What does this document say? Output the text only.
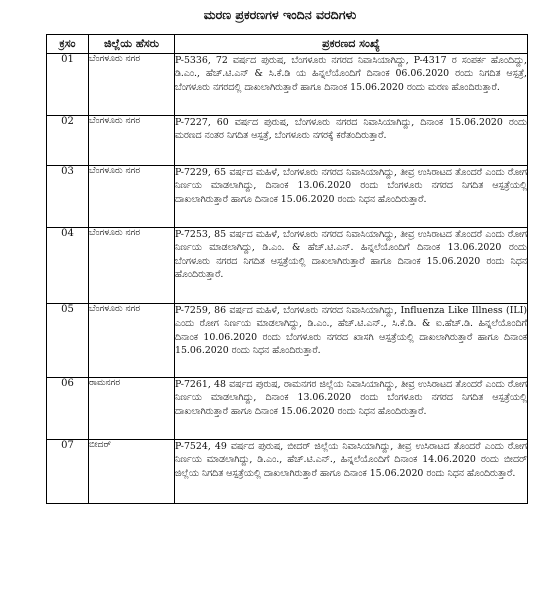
ಮರಣ ಪ್ರಕರಣಗಳ ಇಂದಿನ ವರದಿಗಳು
ಕ್ರಸಂ	ಜಿಲ್ಲೆಯ ಹೆಸರು	ಪ್ರಕರಣದ ಸಂಖ್ಯೆ
01	ಬೆಂಗಳೂರು ನಗರ	P-5336, 72 ವರ್ಷದ ಪುರುಷ, ಬೆಂಗಳೂರು ನಗರದ ನಿವಾಸಿಯಾಗಿದ್ದು, P-4317 ರ ಸಂಪರ್ಕ ಹೊಂದಿದ್ದು, ಡಿ.ಎಂ., ಹೆಚ್.ಟಿ.ಎನ್ & ಸಿ.ಕೆ.ಡಿ ಯ ಹಿನ್ನಲೆಯೊಂದಿಗೆ ದಿನಾಂಕ 06.06.2020 ರಂದು ನಿಗದಿತ ಆಸ್ಪತ್ರೆ, ಬೆಂಗಳೂರು ನಗರದಲ್ಲಿ ದಾಖಲಾಗಿರುತ್ತಾರೆ ಹಾಗೂ ದಿನಾಂಕ 15.06.2020 ರಂದು ಮರಣ ಹೊಂದಿರುತ್ತಾರೆ.
02	ಬೆಂಗಳೂರು ನಗರ	P-7227, 60 ವರ್ಷದ ಪುರುಷ, ಬೆಂಗಳೂರು ನಗರದ ನಿವಾಸಿಯಾಗಿದ್ದು, ದಿನಾಂಕ 15.06.2020 ರಂದು ಮರಣದ ನಂತರ ನಿಗದಿತ ಆಸ್ಪತ್ರೆ, ಬೆಂಗಳೂರು ನಗರಕ್ಕೆ ಕರೆತಂದಿರುತ್ತಾರೆ.
03	ಬೆಂಗಳೂರು ನಗರ	P-7229, 65 ವರ್ಷದ ಮಹಿಳೆ, ಬೆಂಗಳೂರು ನಗರದ ನಿವಾಸಿಯಾಗಿದ್ದು, ತೀವ್ರ ಉಸಿರಾಟದ ತೊಂದರೆ ಎಂದು ರೋಗ ನಿರ್ಣಯ ಮಾಡಲಾಗಿದ್ದು, ದಿನಾಂಕ 13.06.2020 ರಂದು ಬೆಂಗಳೂರು ನಗರದ ನಿಗದಿತ ಆಸ್ಪತ್ರೆಯಲ್ಲಿ ದಾಖಲಾಗಿರುತ್ತಾರೆ ಹಾಗೂ ದಿನಾಂಕ 15.06.2020 ರಂದು ನಿಧನ ಹೊಂದಿರುತ್ತಾರೆ.
04	ಬೆಂಗಳೂರು ನಗರ	P-7253, 85 ವರ್ಷದ ಮಹಿಳೆ, ಬೆಂಗಳೂರು ನಗರದ ನಿವಾಸಿಯಾಗಿದ್ದು, ತೀವ್ರ ಉಸಿರಾಟದ ತೊಂದರೆ ಎಂದು ರೋಗ ನಿರ್ಣಯ ಮಾಡಲಾಗಿದ್ದು, ಡಿ.ಎಂ. & ಹೆಚ್.ಟಿ.ಎನ್. ಹಿನ್ನಲೆಯೊಂದಿಗೆ ದಿನಾಂಕ 13.06.2020 ರಂದು ಬೆಂಗಳೂರು ನಗರದ ನಿಗದಿತ ಆಸ್ಪತ್ರೆಯಲ್ಲಿ ದಾಖಲಾಗಿರುತ್ತಾರೆ ಹಾಗೂ ದಿನಾಂಕ 15.06.2020 ರಂದು ನಿಧನ ಹೊಂದಿರುತ್ತಾರೆ.
05	ಬೆಂಗಳೂರು ನಗರ	P-7259, 86 ವರ್ಷದ ಮಹಿಳೆ, ಬೆಂಗಳೂರು ನಗರದ ನಿವಾಸಿಯಾಗಿದ್ದು, Influenza Like Illness (ILI) ಎಂದು ರೋಗ ನಿರ್ಣಯ ಮಾಡಲಾಗಿದ್ದು, ಡಿ.ಎಂ., ಹೆಚ್.ಟಿ.ಎನ್., ಸಿ.ಕೆ.ಡಿ. & ಐ.ಹೆಚ್.ಡಿ. ಹಿನ್ನಲೆಯೊಂದಿಗೆ ದಿನಾಂಕ 10.06.2020 ರಂದು ಬೆಂಗಳೂರು ನಗರದ ಖಾಸಗಿ ಆಸ್ಪತ್ರೆಯಲ್ಲಿ ದಾಖಲಾಗಿರುತ್ತಾರೆ ಹಾಗೂ ದಿನಾಂಕ 15.06.2020 ರಂದು ನಿಧನ ಹೊಂದಿರುತ್ತಾರೆ.
06	ರಾಮನಗರ	P-7261, 48 ವರ್ಷದ ಪುರುಷ, ರಾಮನಗರ ಜಿಲ್ಲೆಯ ನಿವಾಸಿಯಾಗಿದ್ದು, ತೀವ್ರ ಉಸಿರಾಟದ ತೊಂದರೆ ಎಂದು ರೋಗ ನಿರ್ಣಯ ಮಾಡಲಾಗಿದ್ದು, ದಿನಾಂಕ 13.06.2020 ರಂದು ಬೆಂಗಳೂರು ನಗರದ ನಿಗದಿತ ಆಸ್ಪತ್ರೆಯಲ್ಲಿ ದಾಖಲಾಗಿರುತ್ತಾರೆ ಹಾಗೂ ದಿನಾಂಕ 15.06.2020 ರಂದು ನಿಧನ ಹೊಂದಿರುತ್ತಾರೆ.
07	ಬೀದರ್	P-7524, 49 ವರ್ಷದ ಪುರುಷ, ಬೀದರ್ ಜಿಲ್ಲೆಯ ನಿವಾಸಿಯಾಗಿದ್ದು, ತೀವ್ರ ಉಸಿರಾಟದ ತೊಂದರೆ ಎಂದು ರೋಗ ನಿರ್ಣಯ ಮಾಡಲಾಗಿದ್ದು, ಡಿ.ಎಂ., ಹೆಚ್.ಟಿ.ಎನ್., ಹಿನ್ನಲೆಯೊಂದಿಗೆ ದಿನಾಂಕ 14.06.2020 ರಂದು ಬೀದರ್ ಜಿಲ್ಲೆಯ ನಿಗದಿತ ಆಸ್ಪತ್ರೆಯಲ್ಲಿ ದಾಖಲಾಗಿರುತ್ತಾರೆ ಹಾಗೂ ದಿನಾಂಕ 15.06.2020 ರಂದು ನಿಧನ ಹೊಂದಿರುತ್ತಾರೆ.
